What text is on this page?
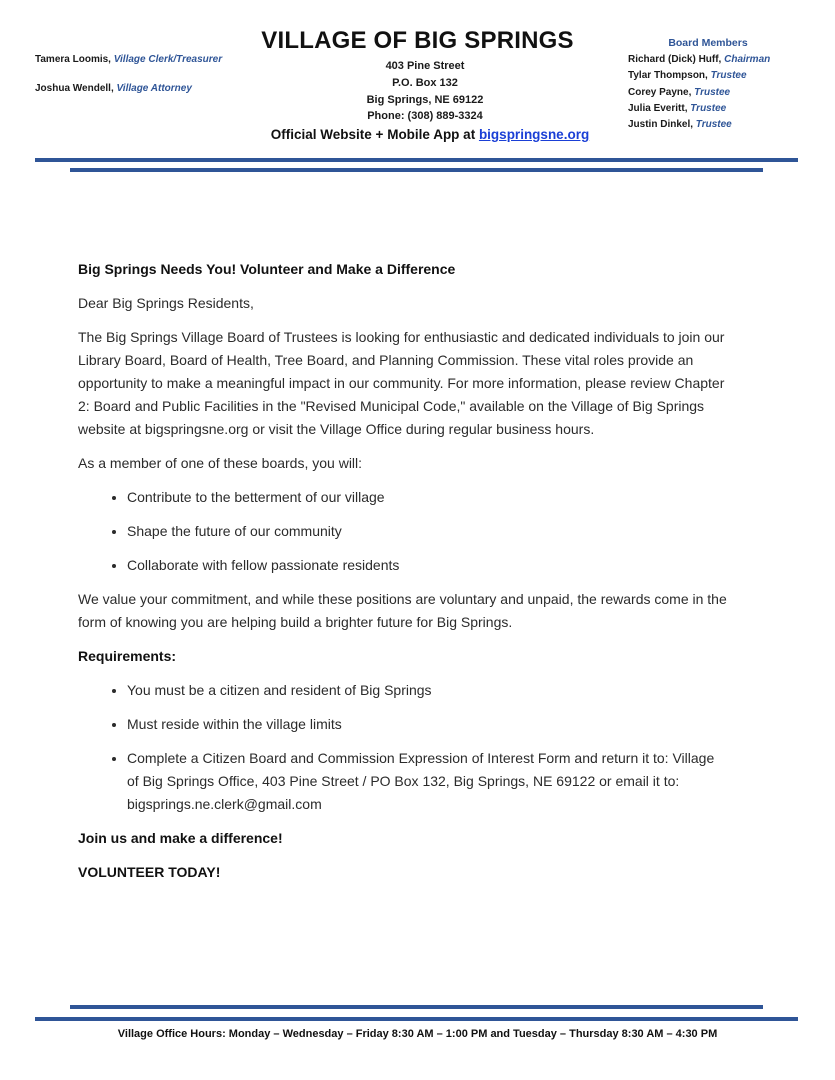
Tamera Loomis, Village Clerk/Treasurer
Joshua Wendell, Village Attorney
VILLAGE OF BIG SPRINGS
403 Pine Street
P.O. Box 132
Big Springs, NE 69122
Phone: (308) 889-3324
Official Website + Mobile App at bigspringsne.org
Board Members
Richard (Dick) Huff, Chairman
Tylar Thompson, Trustee
Corey Payne, Trustee
Julia Everitt, Trustee
Justin Dinkel, Trustee

Big Springs Needs You! Volunteer and Make a Difference

Dear Big Springs Residents,

The Big Springs Village Board of Trustees is looking for enthusiastic and dedicated individuals to join our Library Board, Board of Health, Tree Board, and Planning Commission. These vital roles provide an opportunity to make a meaningful impact in our community. For more information, please review Chapter 2: Board and Public Facilities in the "Revised Municipal Code," available on the Village of Big Springs website at bigspringsne.org or visit the Village Office during regular business hours.

As a member of one of these boards, you will:

• Contribute to the betterment of our village
• Shape the future of our community
• Collaborate with fellow passionate residents

We value your commitment, and while these positions are voluntary and unpaid, the rewards come in the form of knowing you are helping build a brighter future for Big Springs.

Requirements:

• You must be a citizen and resident of Big Springs
• Must reside within the village limits
• Complete a Citizen Board and Commission Expression of Interest Form and return it to: Village of Big Springs Office, 403 Pine Street / PO Box 132, Big Springs, NE 69122 or email it to: bigsprings.ne.clerk@gmail.com

Join us and make a difference!

VOLUNTEER TODAY!

Village Office Hours: Monday – Wednesday – Friday 8:30 AM – 1:00 PM and Tuesday – Thursday 8:30 AM – 4:30 PM
